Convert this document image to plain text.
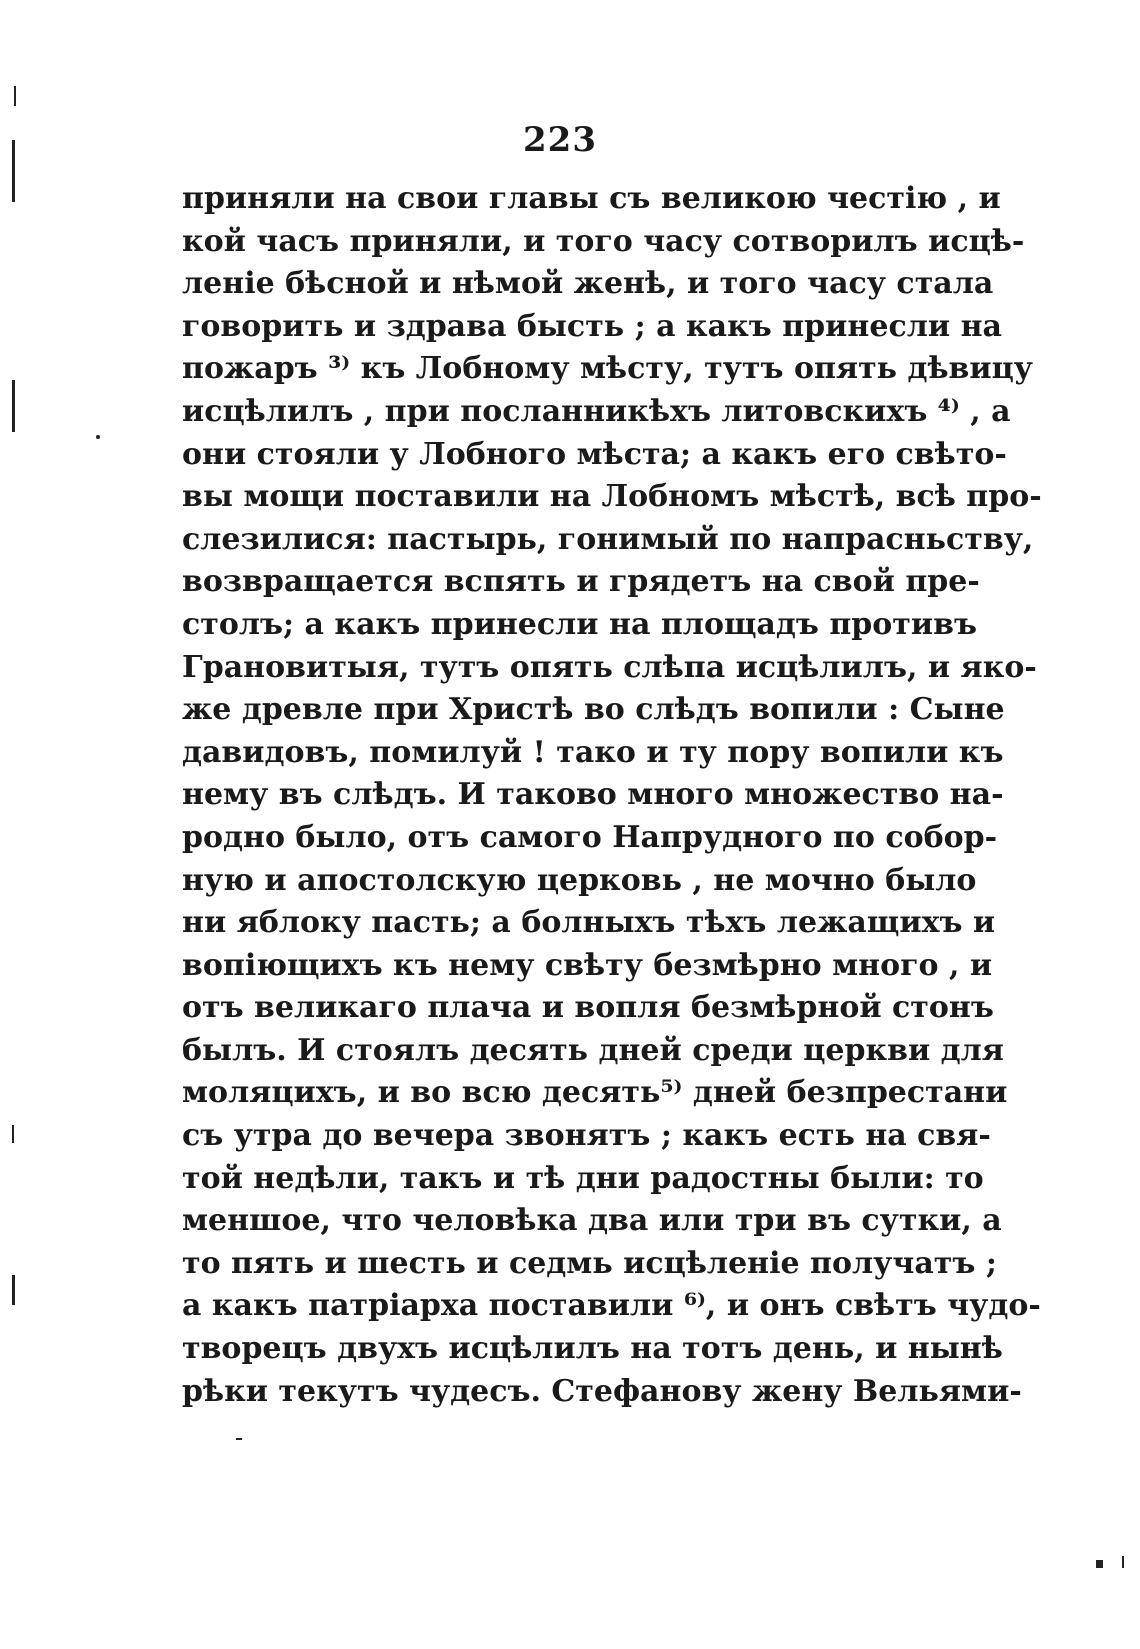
223
приняли на свои главы съ великою честію , и
кой часъ приняли, и того часу сотворилъ исцѣ-
леніе бѣсной и нѣмой женѣ, и того часу стала
говорить и здрава бысть ; а какъ принесли на
пожаръ ³⁾ къ Лобному мѣсту, тутъ опять дѣвицу
исцѣлилъ , при посланникѣхъ литовскихъ ⁴⁾ , а
они стояли у Лобного мѣста; а какъ его свѣто-
вы мощи поставили на Лобномъ мѣстѣ, всѣ про-
слезилися: пастырь, гонимый по напрасньству,
возвращается вспять и грядетъ на свой пре-
столъ; а какъ принесли на площадъ противъ
Грановитыя, тутъ опять слѣпа исцѣлилъ, и яко-
же древле при Христѣ во слѣдъ вопили : Сыне
давидовъ, помилуй ! тако и ту пору вопили къ
нему въ слѣдъ. И таково много множество на-
родно было, отъ самого Напрудного по собор-
ную и апостолскую церковь , не мочно было
ни яблоку пасть; а болныхъ тѣхъ лежащихъ и
вопіющихъ къ нему свѣту безмѣрно много , и
отъ великаго плача и вопля безмѣрной стонъ
былъ. И стоялъ десять дней среди церкви для
моляцихъ, и во всю десять⁵⁾ дней безпрестани
съ утра до вечера звонятъ ; какъ есть на свя-
той недѣли, такъ и тѣ дни радостны были: то
меншое, что человѣка два или три въ сутки, а
то пять и шесть и седмь исцѣленіе получатъ ;
а какъ патріарха поставили ⁶⁾, и онъ свѣтъ чудо-
творецъ двухъ исцѣлилъ на тотъ день, и нынѣ
рѣки текутъ чудесъ. Стефанову жену Вельями-
